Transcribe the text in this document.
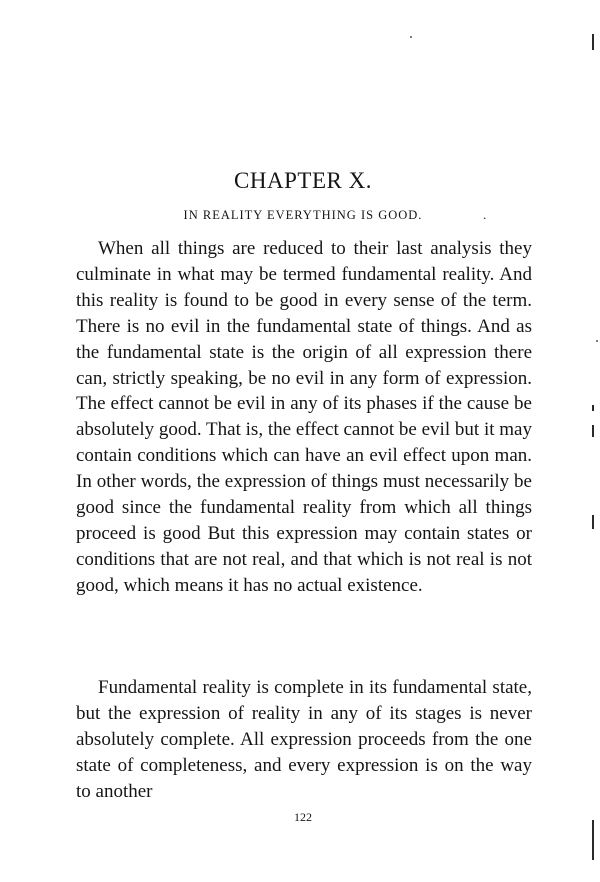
CHAPTER X.
IN REALITY EVERYTHING IS GOOD.	.

When all things are reduced to their last analysis they culminate in what may be termed fundamental reality. And this reality is found to be good in every sense of the term. There is no evil in the fundamental state of things. And as the fundamental state is the origin of all expression there can, strictly speaking, be no evil in any form of expression. The effect cannot be evil in any of its phases if the cause be absolutely good. That is, the effect cannot be evil but it may contain conditions which can have an evil effect upon man. In other words, the expression of things must necessarily be good since the fundamental reality from which all things proceed is good But this expression may contain states or conditions that are not real, and that which is not real is not good, which means it has no actual existence.

Fundamental reality is complete in its fundamental state, but the expression of reality in any of its stages is never absolutely complete. All expression proceeds from the one state of completeness, and every expression is on the way to another

122
